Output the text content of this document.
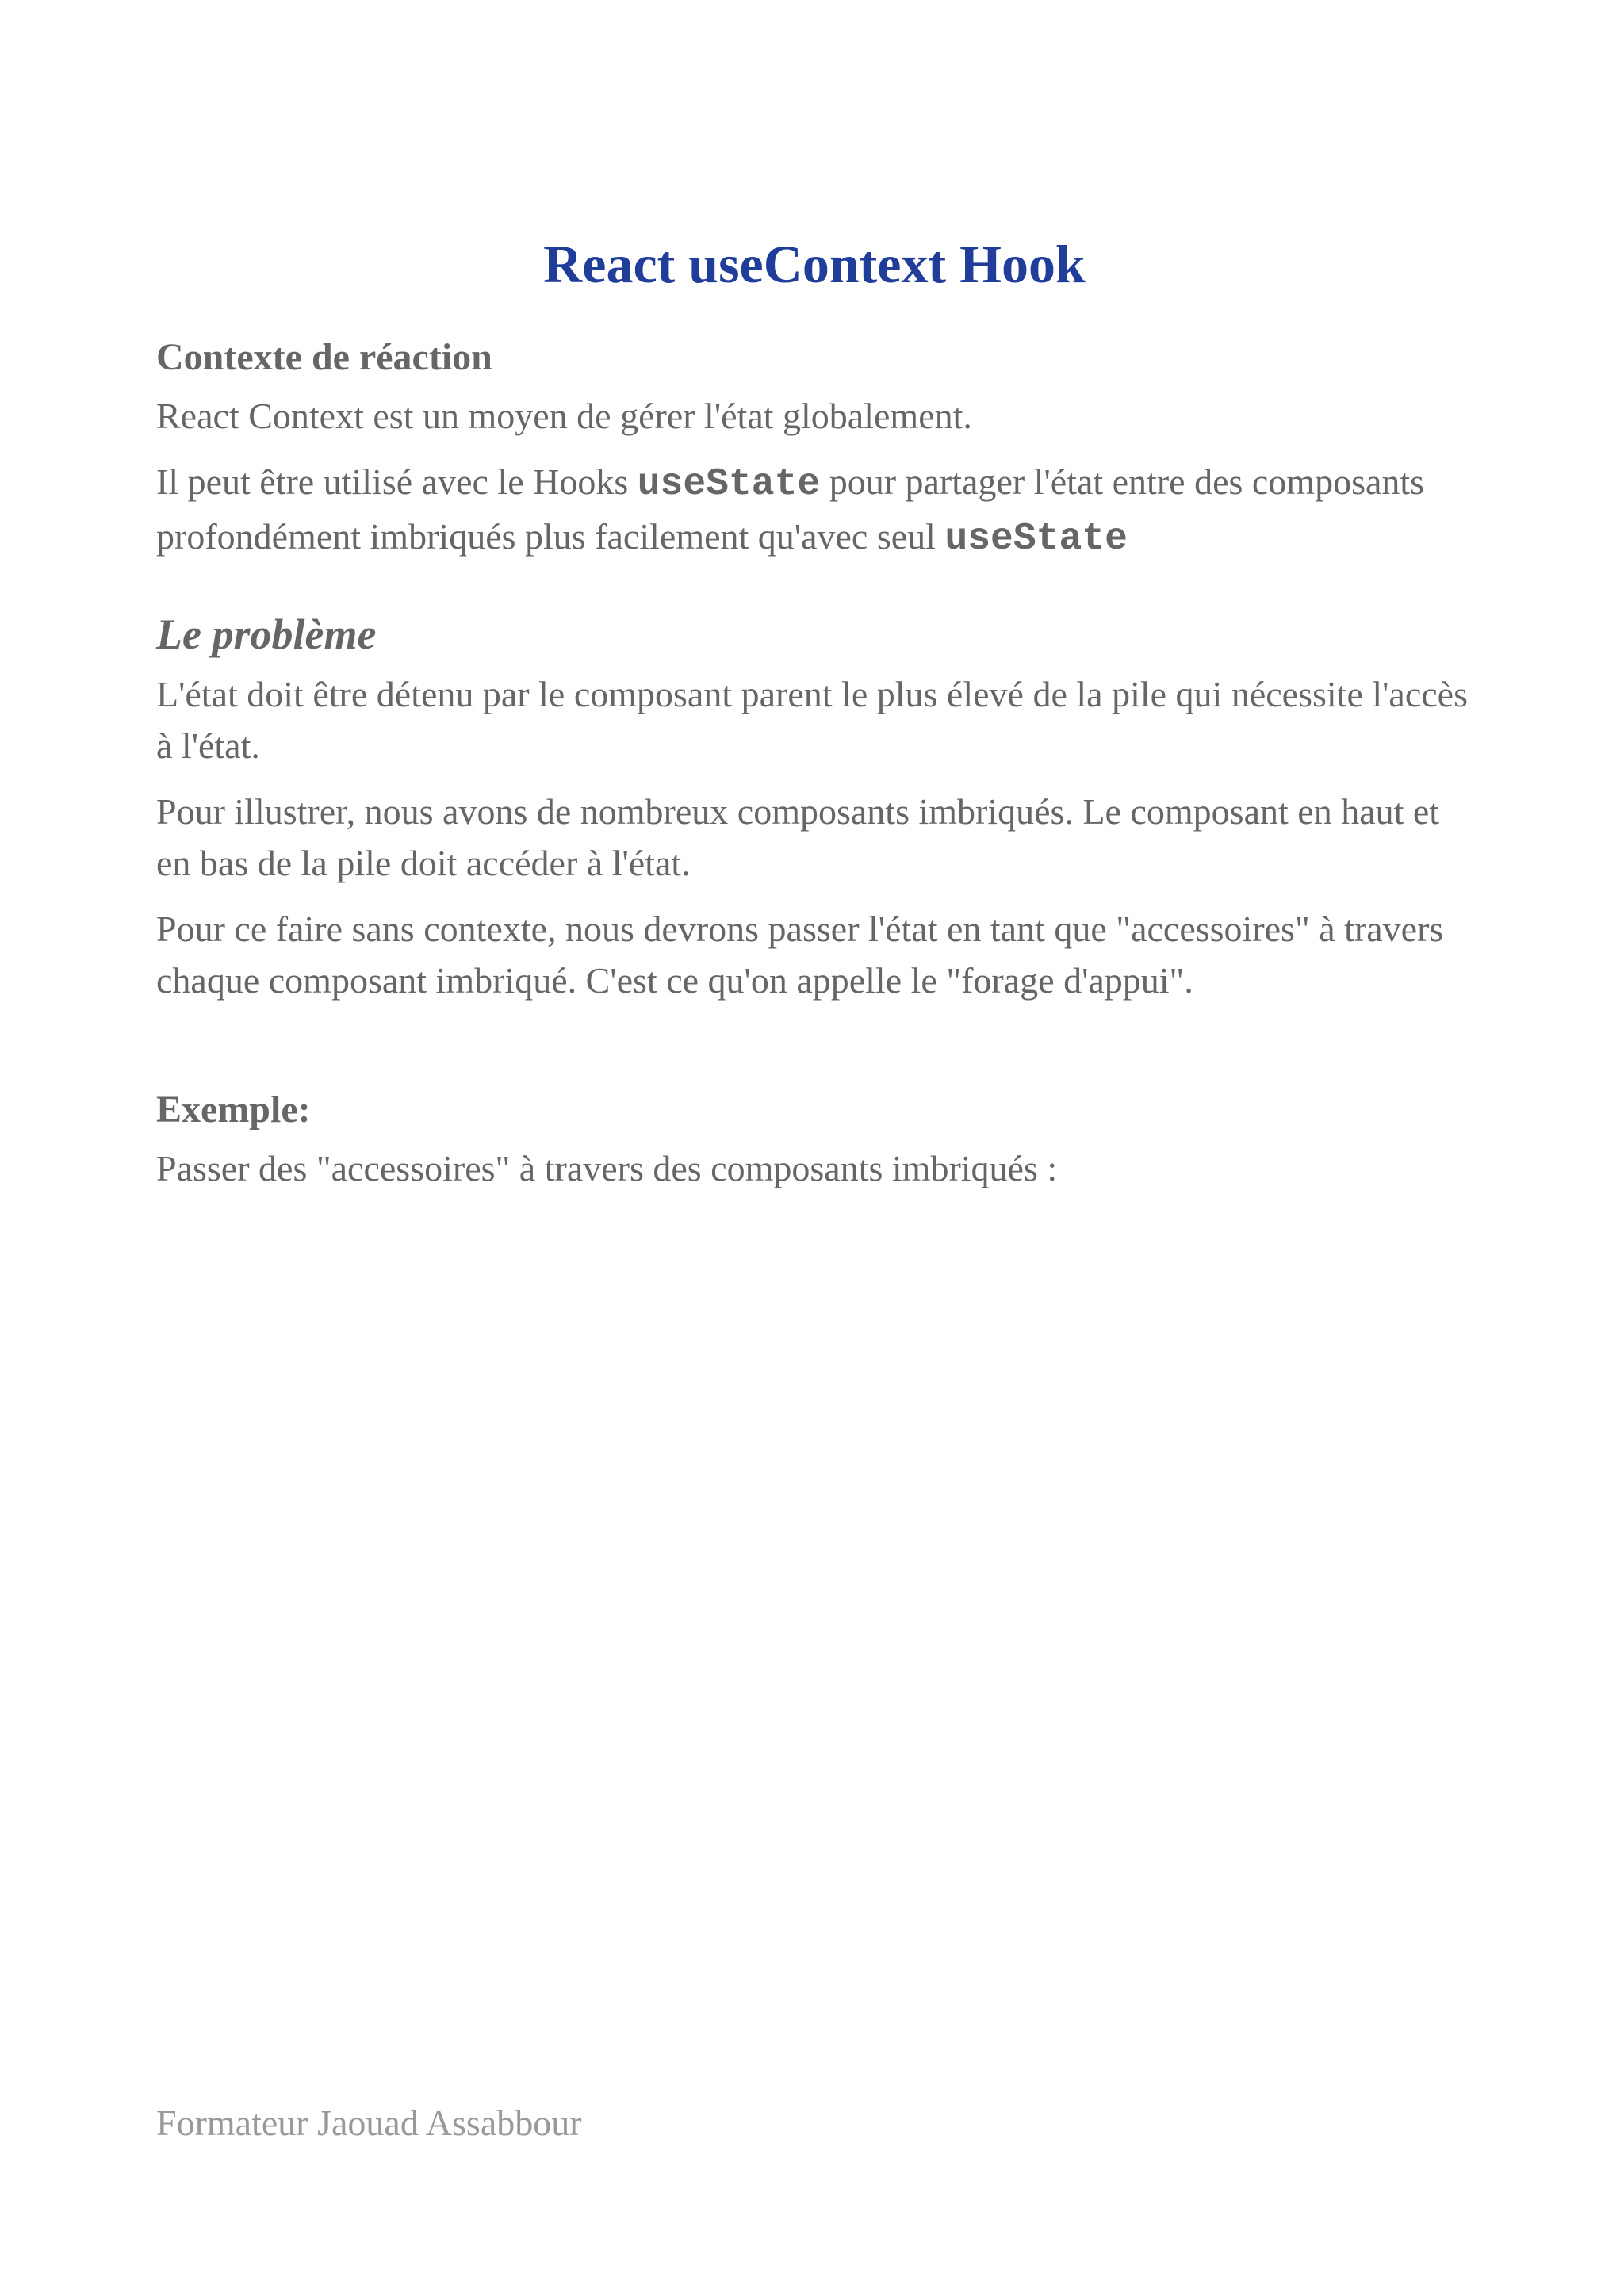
React useContext Hook
Contexte de réaction

React Context est un moyen de gérer l'état globalement.

Il peut être utilisé avec le Hooks useState pour partager l'état entre des composants profondément imbriqués plus facilement qu'avec seul useState

Le problème

L'état doit être détenu par le composant parent le plus élevé de la pile qui nécessite l'accès à l'état.

Pour illustrer, nous avons de nombreux composants imbriqués. Le composant en haut et en bas de la pile doit accéder à l'état.

Pour ce faire sans contexte, nous devrons passer l'état en tant que "accessoires" à travers chaque composant imbriqué. C'est ce qu'on appelle le "forage d'appui".

Exemple:

Passer des "accessoires" à travers des composants imbriqués :

Formateur Jaouad Assabbour
